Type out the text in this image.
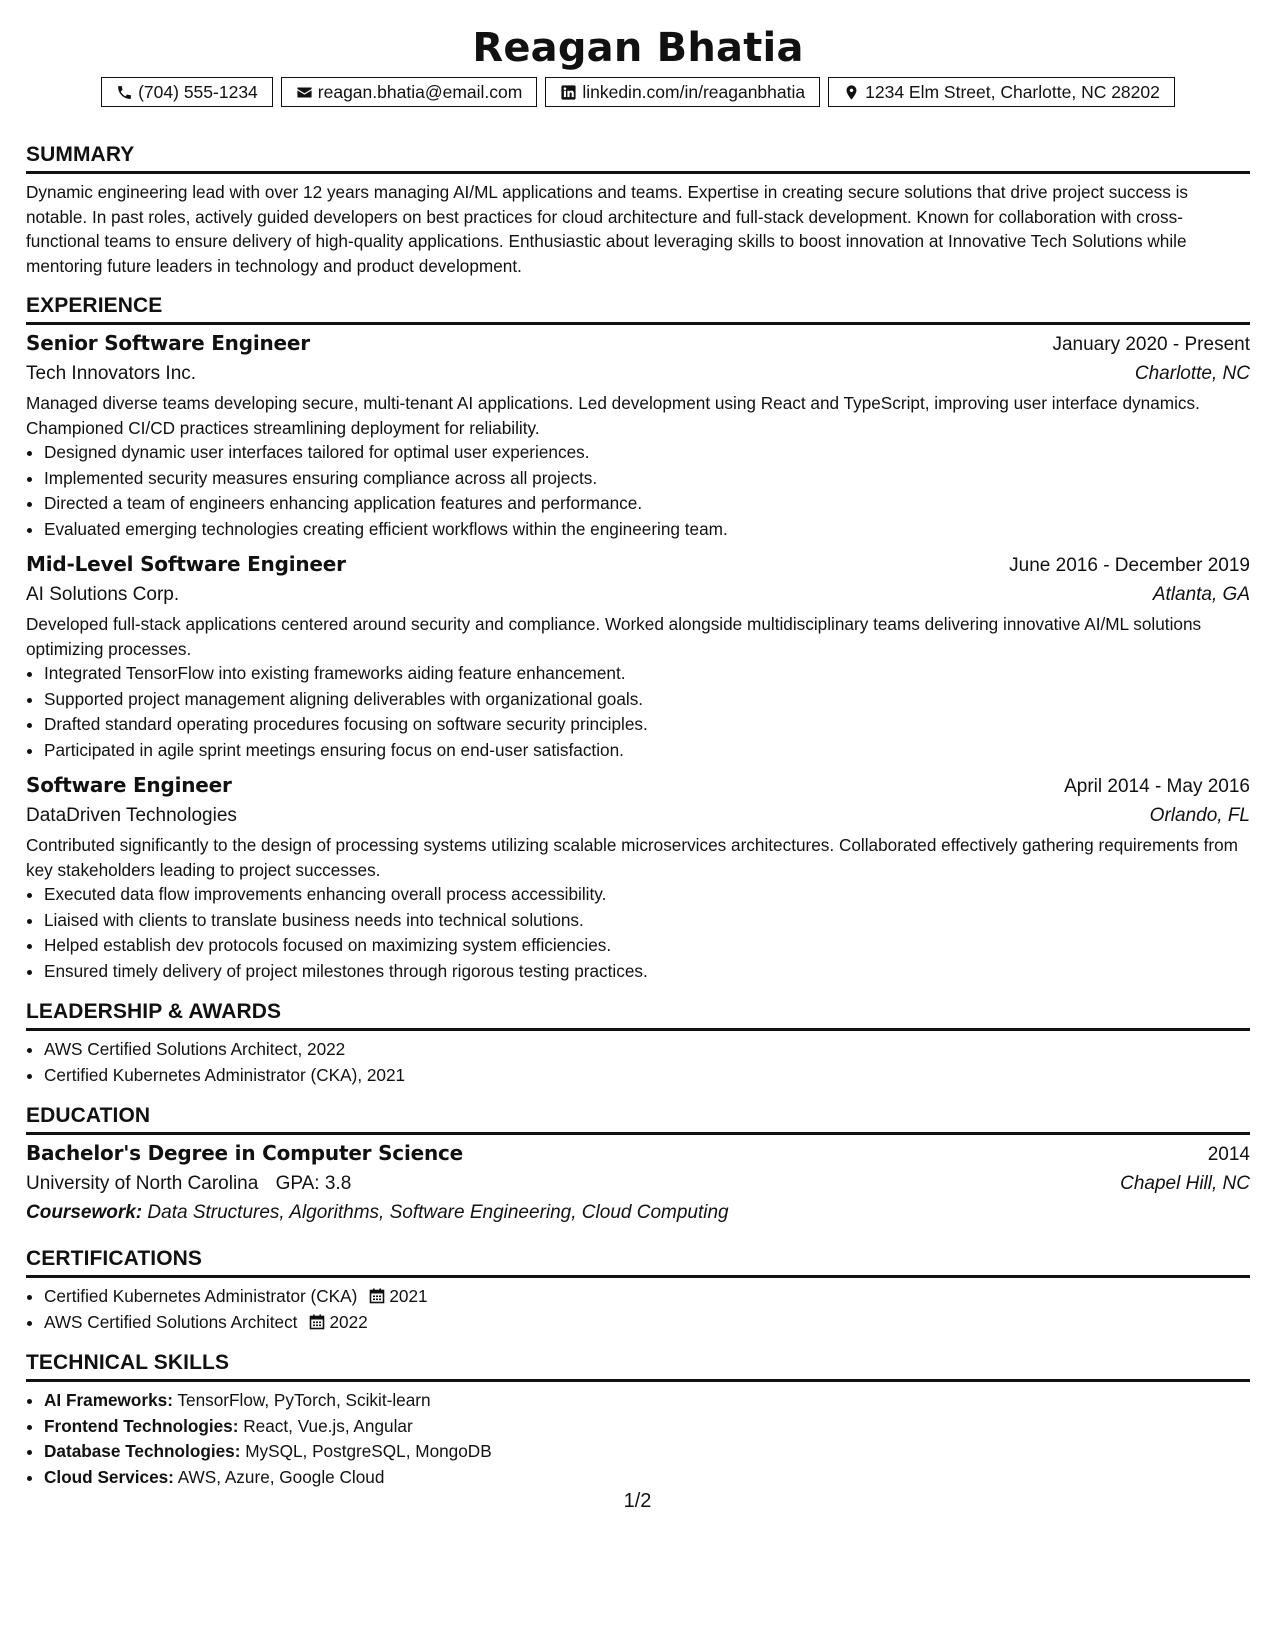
Reagan Bhatia
(704) 555-1234	reagan.bhatia@email.com	linkedin.com/in/reaganbhatia	1234 Elm Street, Charlotte, NC 28202
SUMMARY

Dynamic engineering lead with over 12 years managing AI/ML applications and teams. Expertise in creating secure solutions that drive project success is notable. In past roles, actively guided developers on best practices for cloud architecture and full-stack development. Known for collaboration with cross-functional teams to ensure delivery of high-quality applications. Enthusiastic about leveraging skills to boost innovation at Innovative Tech Solutions while mentoring future leaders in technology and product development.

EXPERIENCE
Senior Software Engineer	January 2020 - Present
Tech Innovators Inc.	Charlotte, NC

Managed diverse teams developing secure, multi-tenant AI applications. Led development using React and TypeScript, improving user interface dynamics. Championed CI/CD practices streamlining deployment for reliability.

• Designed dynamic user interfaces tailored for optimal user experiences.
• Implemented security measures ensuring compliance across all projects.
• Directed a team of engineers enhancing application features and performance.
• Evaluated emerging technologies creating efficient workflows within the engineering team.
Mid-Level Software Engineer	June 2016 - December 2019
AI Solutions Corp.	Atlanta, GA

Developed full-stack applications centered around security and compliance. Worked alongside multidisciplinary teams delivering innovative AI/ML solutions optimizing processes.

• Integrated TensorFlow into existing frameworks aiding feature enhancement.
• Supported project management aligning deliverables with organizational goals.
• Drafted standard operating procedures focusing on software security principles.
• Participated in agile sprint meetings ensuring focus on end-user satisfaction.
Software Engineer	April 2014 - May 2016
DataDriven Technologies	Orlando, FL

Contributed significantly to the design of processing systems utilizing scalable microservices architectures. Collaborated effectively gathering requirements from key stakeholders leading to project successes.

• Executed data flow improvements enhancing overall process accessibility.
• Liaised with clients to translate business needs into technical solutions.
• Helped establish dev protocols focused on maximizing system efficiencies.
• Ensured timely delivery of project milestones through rigorous testing practices.
LEADERSHIP & AWARDS
• AWS Certified Solutions Architect, 2022
• Certified Kubernetes Administrator (CKA), 2021
EDUCATION
Bachelor's Degree in Computer Science	2014
University of North Carolina GPA: 3.8	Chapel Hill, NC
Coursework: Data Structures, Algorithms, Software Engineering, Cloud Computing
CERTIFICATIONS
• Certified Kubernetes Administrator (CKA) 2021
• AWS Certified Solutions Architect 2022
TECHNICAL SKILLS
• AI Frameworks: TensorFlow, PyTorch, Scikit-learn
• Frontend Technologies: React, Vue.js, Angular
• Database Technologies: MySQL, PostgreSQL, MongoDB
• Cloud Services: AWS, Azure, Google Cloud
1/2
